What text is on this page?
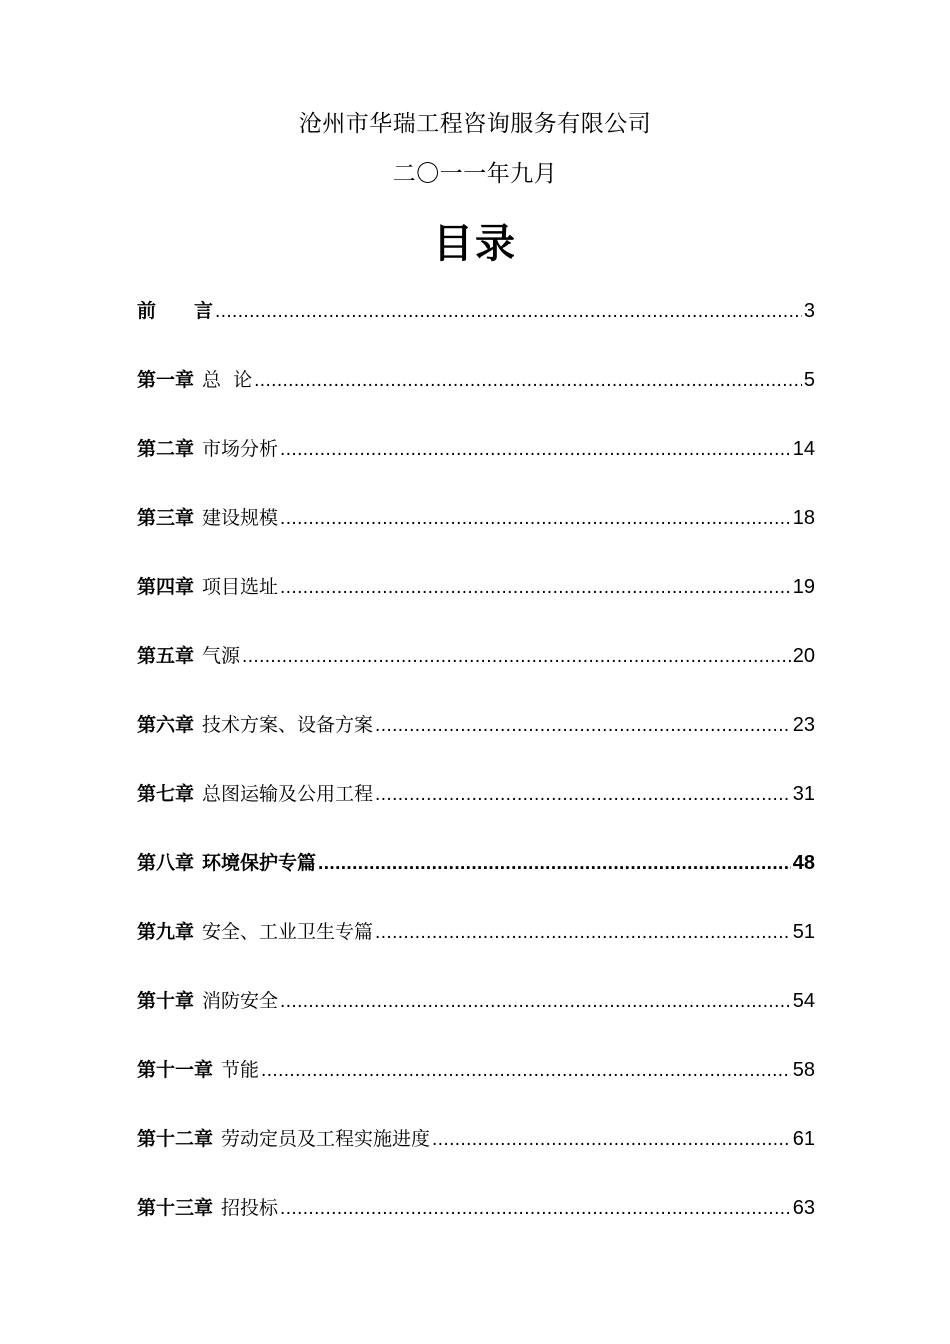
沧州市华瑞工程咨询服务有限公司
二〇一一年九月
目录
前　　言 .....	3
第一章 总  论 .....	5
第二章 市场分析 .....	14
第三章 建设规模 .....	18
第四章 项目选址 .....	19
第五章 气源 .....	20
第六章 技术方案、设备方案 .....	23
第七章 总图运输及公用工程 .....	31
第八章 环境保护专篇 .....	48
第九章 安全、工业卫生专篇 .....	51
第十章 消防安全 .....	54
第十一章 节能 .....	58
第十二章 劳动定员及工程实施进度 .....	61
第十三章 招投标 .....	63
